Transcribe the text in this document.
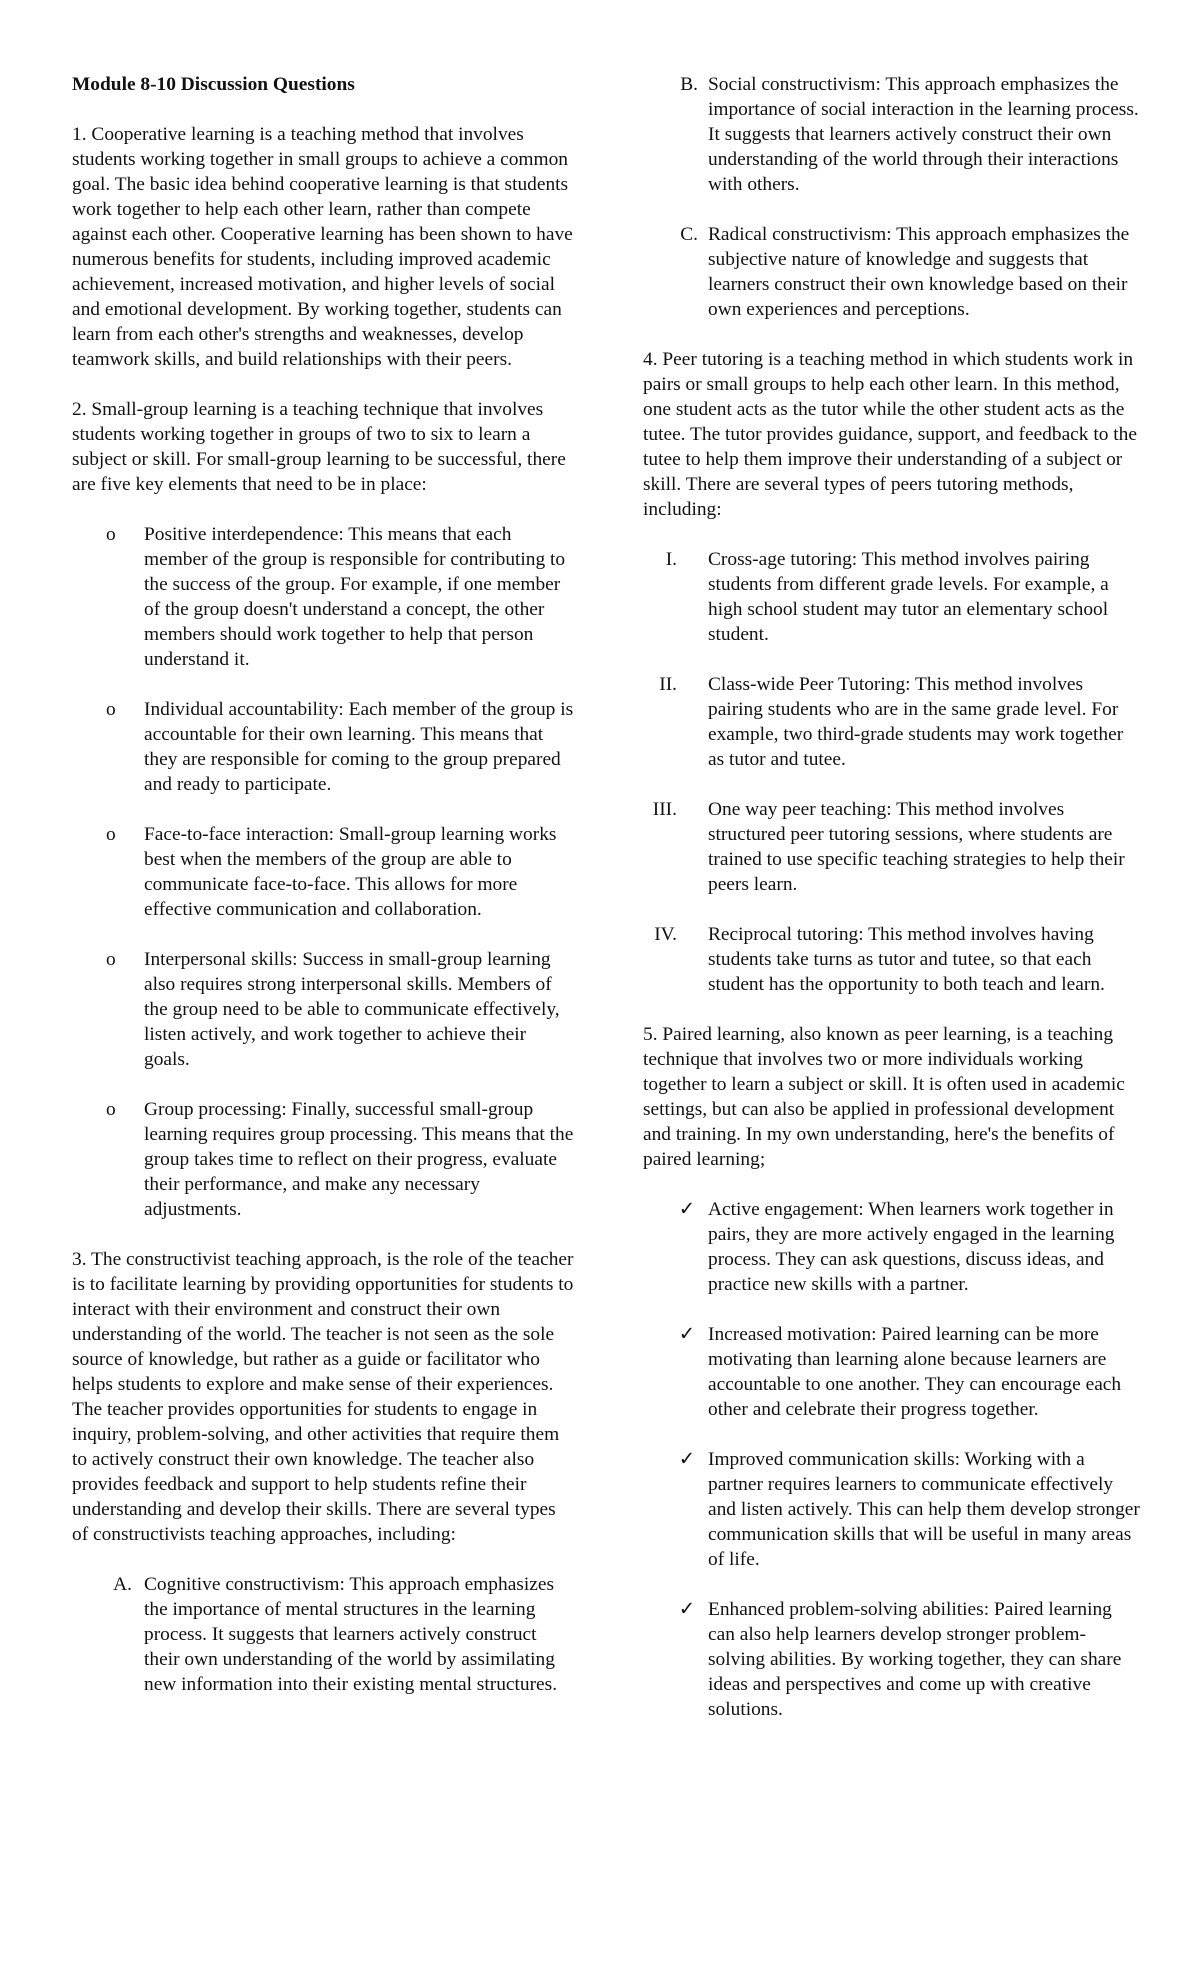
Module 8-10 Discussion Questions

1. Cooperative learning is a teaching method that involves students working together in small groups to achieve a common goal. The basic idea behind cooperative learning is that students work together to help each other learn, rather than compete against each other. Cooperative learning has been shown to have numerous benefits for students, including improved academic achievement, increased motivation, and higher levels of social and emotional development. By working together, students can learn from each other's strengths and weaknesses, develop teamwork skills, and build relationships with their peers.

2. Small-group learning is a teaching technique that involves students working together in groups of two to six to learn a subject or skill. For small-group learning to be successful, there are five key elements that need to be in place:

o	Positive interdependence: This means that each member of the group is responsible for contributing to the success of the group. For example, if one member of the group doesn't understand a concept, the other members should work together to help that person understand it.
o	Individual accountability: Each member of the group is accountable for their own learning. This means that they are responsible for coming to the group prepared and ready to participate.
o	Face-to-face interaction: Small-group learning works best when the members of the group are able to communicate face-to-face. This allows for more effective communication and collaboration.
o	Interpersonal skills: Success in small-group learning also requires strong interpersonal skills. Members of the group need to be able to communicate effectively, listen actively, and work together to achieve their goals.
o	Group processing: Finally, successful small-group learning requires group processing. This means that the group takes time to reflect on their progress, evaluate their performance, and make any necessary adjustments.

3. The constructivist teaching approach, is the role of the teacher is to facilitate learning by providing opportunities for students to interact with their environment and construct their own understanding of the world. The teacher is not seen as the sole source of knowledge, but rather as a guide or facilitator who helps students to explore and make sense of their experiences. The teacher provides opportunities for students to engage in inquiry, problem-solving, and other activities that require them to actively construct their own knowledge. The teacher also provides feedback and support to help students refine their understanding and develop their skills. There are several types of constructivists teaching approaches, including:

A. Cognitive constructivism: This approach emphasizes the importance of mental structures in the learning process. It suggests that learners actively construct their own understanding of the world by assimilating new information into their existing mental structures.
B. Social constructivism: This approach emphasizes the importance of social interaction in the learning process. It suggests that learners actively construct their own understanding of the world through their interactions with others.
C. Radical constructivism: This approach emphasizes the subjective nature of knowledge and suggests that learners construct their own knowledge based on their own experiences and perceptions.

4. Peer tutoring is a teaching method in which students work in pairs or small groups to help each other learn. In this method, one student acts as the tutor while the other student acts as the tutee. The tutor provides guidance, support, and feedback to the tutee to help them improve their understanding of a subject or skill. There are several types of peers tutoring methods, including:

I.	Cross-age tutoring: This method involves pairing students from different grade levels. For example, a high school student may tutor an elementary school student.
II.	Class-wide Peer Tutoring: This method involves pairing students who are in the same grade level. For example, two third-grade students may work together as tutor and tutee.
III.	One way peer teaching: This method involves structured peer tutoring sessions, where students are trained to use specific teaching strategies to help their peers learn.
IV.	Reciprocal tutoring: This method involves having students take turns as tutor and tutee, so that each student has the opportunity to both teach and learn.

5. Paired learning, also known as peer learning, is a teaching technique that involves two or more individuals working together to learn a subject or skill. It is often used in academic settings, but can also be applied in professional development and training. In my own understanding, here's the benefits of paired learning;

✓ Active engagement: When learners work together in pairs, they are more actively engaged in the learning process. They can ask questions, discuss ideas, and practice new skills with a partner.
✓ Increased motivation: Paired learning can be more motivating than learning alone because learners are accountable to one another. They can encourage each other and celebrate their progress together.
✓ Improved communication skills: Working with a partner requires learners to communicate effectively and listen actively. This can help them develop stronger communication skills that will be useful in many areas of life.
✓ Enhanced problem-solving abilities: Paired learning can also help learners develop stronger problem-solving abilities. By working together, they can share ideas and perspectives and come up with creative solutions.
